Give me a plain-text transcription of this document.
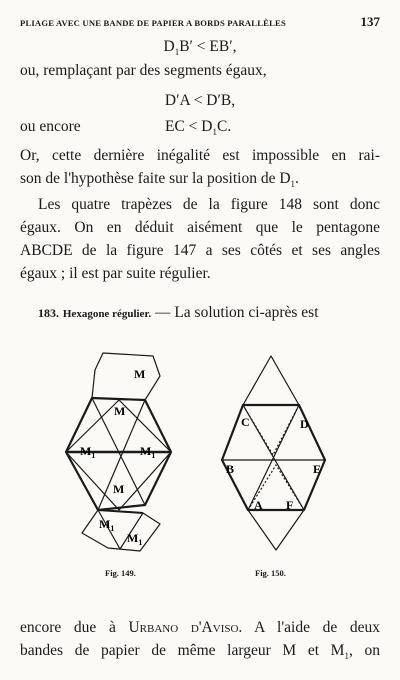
PLIAGE AVEC UNE BANDE DE PAPIER A BORDS PARALLÈLES	137
$D_1B' < EB'$,
ou, remplaçant par des segments égaux,
D′A < D′B,
ou encore	EC < $D_1C$.
Or, cette dernière inégalité est impossible en rai-
son de l'hypothèse faite sur la position de $D_1$.
Les quatre trapèzes de la figure 148 sont donc
égaux. On en déduit aisément que le pentagone
ABCDE de la figure 147 a ses côtés et ses angles
égaux ; il est par suite régulier.
183. Hexagone régulier. — La solution ci-après est
M
M
$M_1$	$M_1$
M
$M_1$
$M_1$
C	D
B	E
A F
Fig. 149.	Fig. 150.
encore due à Urbano d'Aviso. A l'aide de deux
bandes de papier de même largeur M et $M_1$, on
